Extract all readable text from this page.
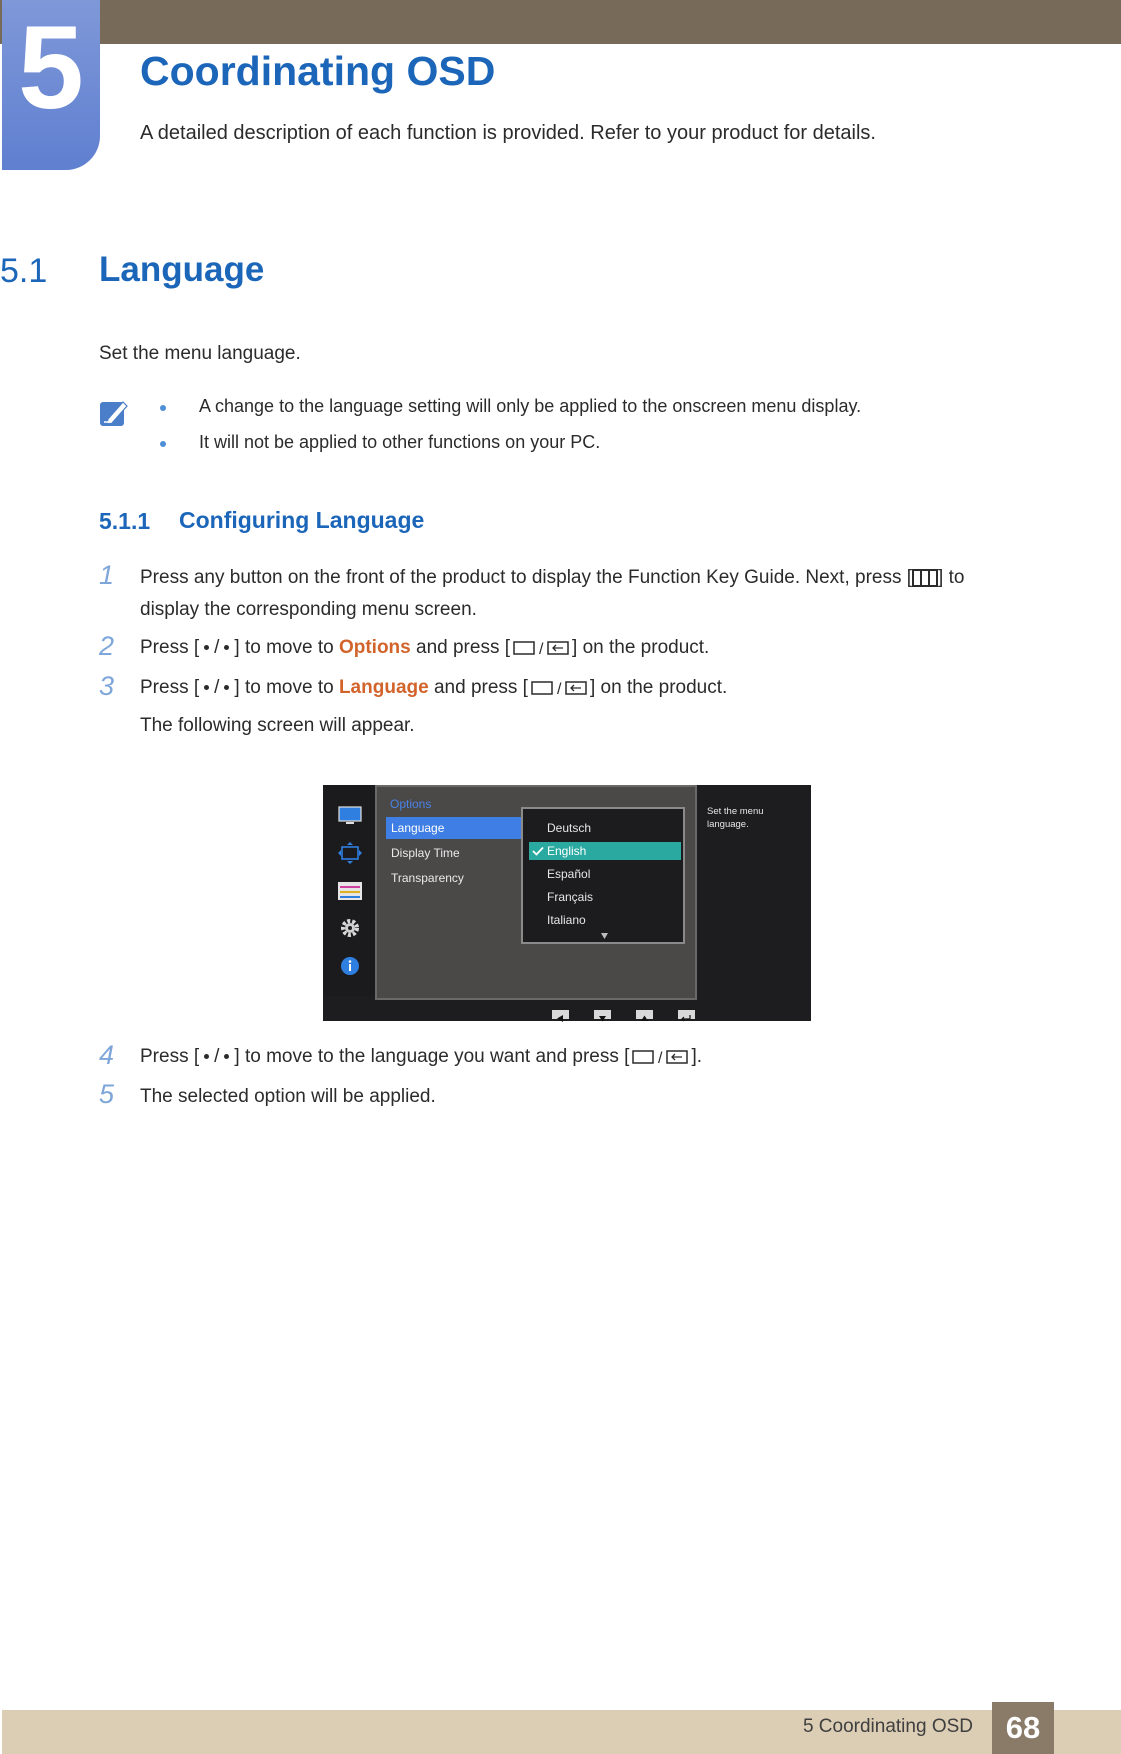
5	Coordinating OSD

A detailed description of each function is provided. Refer to your product for details.

5.1 Language

Set the menu language.

A change to the language setting will only be applied to the onscreen menu display.

It will not be applied to other functions on your PC.

5.1.1 Configuring Language
1 Press any button on the front of the product to display the Function Key Guide. Next, press [ ] to

display the corresponding menu screen.

2 Press [ / ] to move to Options and press [ / ] on the product.

3 Press [ / ] to move to Language and press [ / ] on the product.

The following screen will appear.

Options
Language
Display Time
Transparency
Deutsch
English
Español
Français
Italiano
Set the menu language.
4 Press [ / ] to move to the language you want and press [ / ].

5 The selected option will be applied.

5 Coordinating OSD	68
